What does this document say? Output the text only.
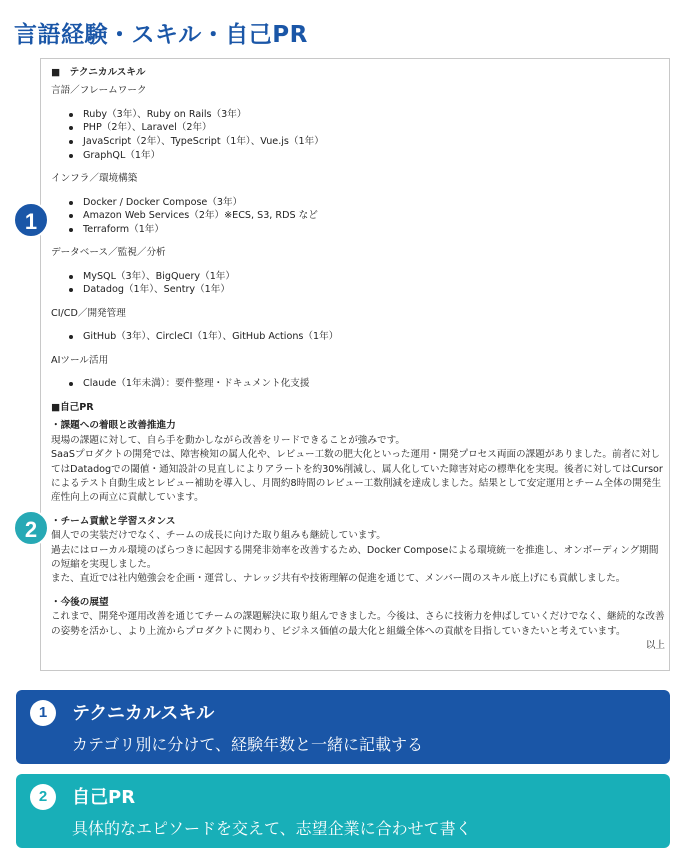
言語経験・スキル・自己PR
■　テクニカルスキル
言語／フレームワーク
Ruby（3年）、Ruby on Rails（3年）
PHP（2年）、Laravel（2年）
JavaScript（2年）、TypeScript（1年）、Vue.js（1年）
GraphQL（1年）
インフラ／環境構築
Docker / Docker Compose（3年）
Amazon Web Services（2年）※ECS, S3, RDS など
Terraform（1年）
データベース／監視／分析
MySQL（3年）、BigQuery（1年）
Datadog（1年）、Sentry（1年）
CI/CD／開発管理
GitHub（3年）、CircleCI（1年）、GitHub Actions（1年）
AIツール活用
Claude（1年未満）：要件整理・ドキュメント化支援
■自己PR
・課題への着眼と改善推進力

現場の課題に対して、自ら手を動かしながら改善をリードできることが強みです。

SaaSプロダクトの開発では、障害検知の属人化や、レビュー工数の肥大化といった運用・開発プロセス両面の課題がありました。前者に対してはDatadogでの閾値・通知設計の見直しによりアラートを約30%削減し、属人化していた障害対応の標準化を実現。後者に対してはCursorによるテスト自動生成とレビュー補助を導入し、月間約8時間のレビュー工数削減を達成しました。結果として安定運用とチーム全体の開発生産性向上の両立に貢献しています。

・チーム貢献と学習スタンス

個人での実装だけでなく、チームの成長に向けた取り組みも継続しています。

過去にはローカル環境のばらつきに起因する開発非効率を改善するため、Docker Composeによる環境統一を推進し、オンボーディング期間の短縮を実現しました。

また、直近では社内勉強会を企画・運営し、ナレッジ共有や技術理解の促進を通じて、メンバー間のスキル底上げにも貢献しました。

・今後の展望

これまで、開発や運用改善を通じてチームの課題解決に取り組んできました。今後は、さらに技術力を伸ばしていくだけでなく、継続的な改善の姿勢を活かし、より上流からプロダクトに関わり、ビジネス価値の最大化と組織全体への貢献を目指していきたいと考えています。

以上
1
2
1	テクニカルスキル
カテゴリ別に分けて、経験年数と一緒に記載する
2	自己PR
具体的なエピソードを交えて、志望企業に合わせて書く
